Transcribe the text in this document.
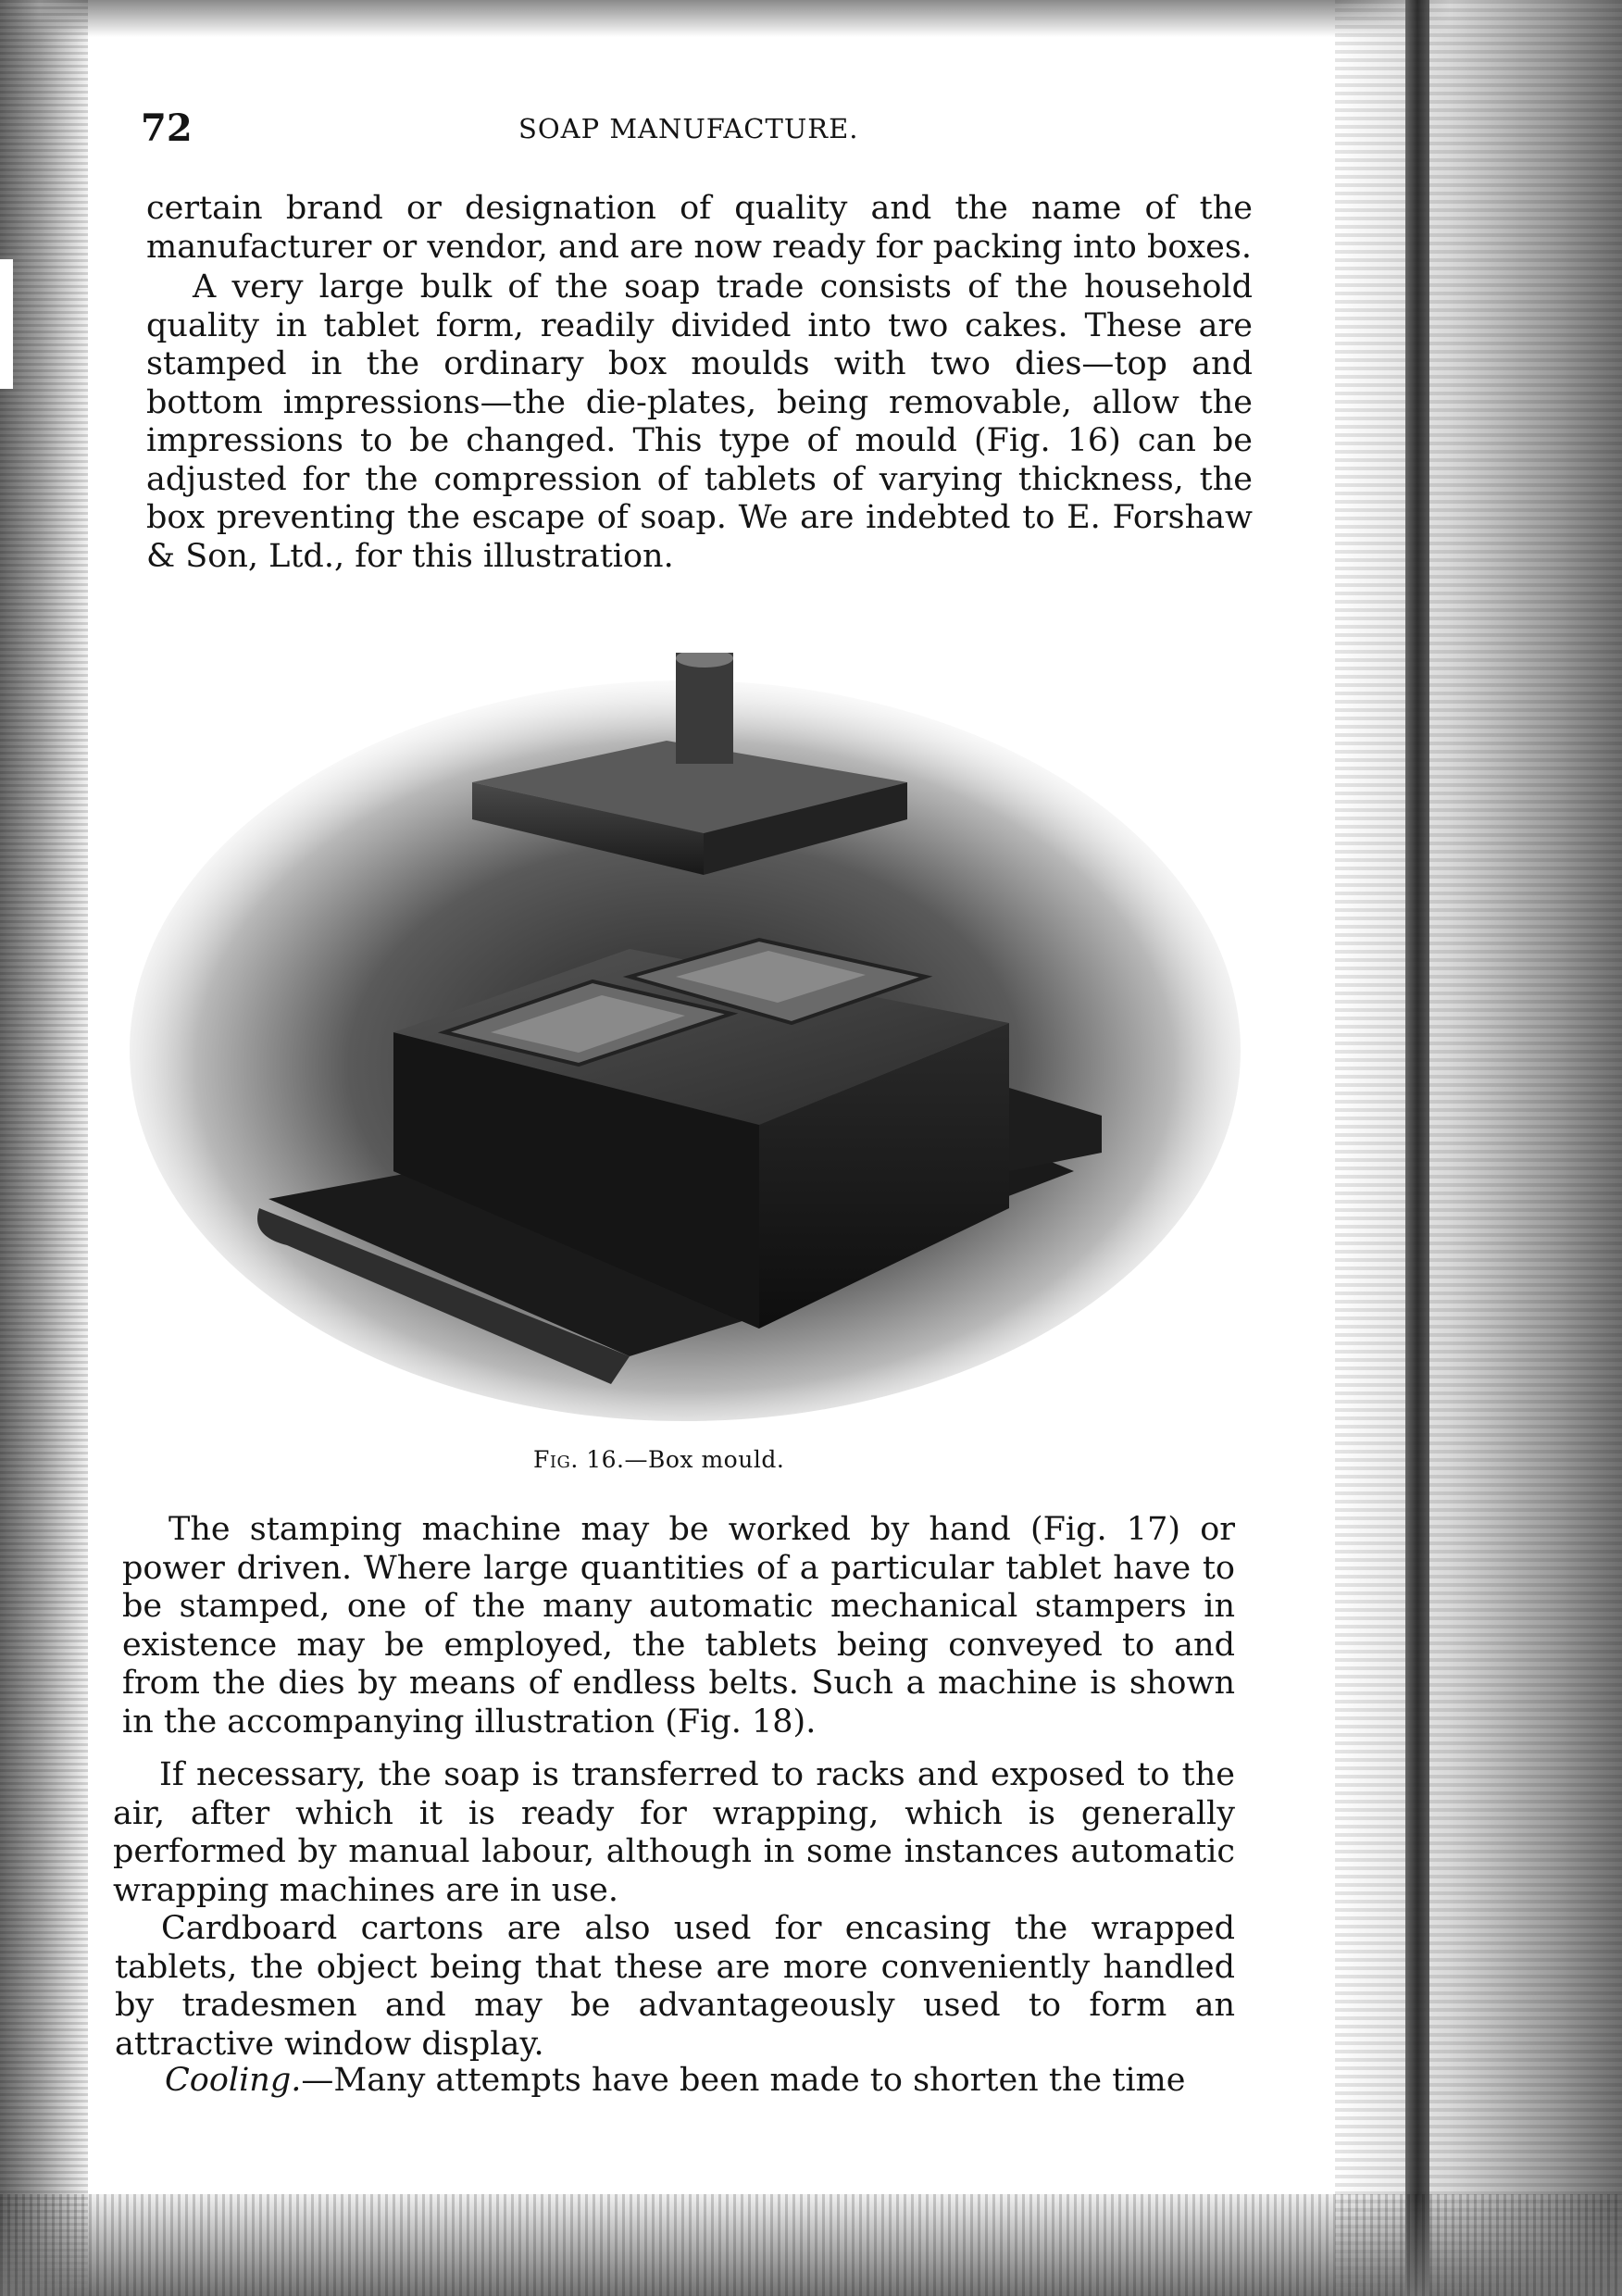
72	SOAP MANUFACTURE.

certain brand or designation of quality and the name of the manufacturer or vendor, and are now ready for packing into boxes.

A very large bulk of the soap trade consists of the household quality in tablet form, readily divided into two cakes. These are stamped in the ordinary box moulds with two dies—top and bottom impressions—the die-plates, being removable, allow the impressions to be changed. This type of mould (Fig. 16) can be adjusted for the compression of tablets of varying thickness, the box preventing the escape of soap. We are indebted to E. Forshaw & Son, Ltd., for this illustration.

Fig. 16.—Box mould.

The stamping machine may be worked by hand (Fig. 17) or power driven. Where large quantities of a particular tablet have to be stamped, one of the many automatic mechanical stampers in existence may be employed, the tablets being conveyed to and from the dies by means of endless belts. Such a machine is shown in the accompanying illustration (Fig. 18).

If necessary, the soap is transferred to racks and exposed to the air, after which it is ready for wrapping, which is generally performed by manual labour, although in some instances automatic wrapping machines are in use.

Cardboard cartons are also used for encasing the wrapped tablets, the object being that these are more conveniently handled by tradesmen and may be advantageously used to form an attractive window display.

Cooling.—Many attempts have been made to shorten the time
